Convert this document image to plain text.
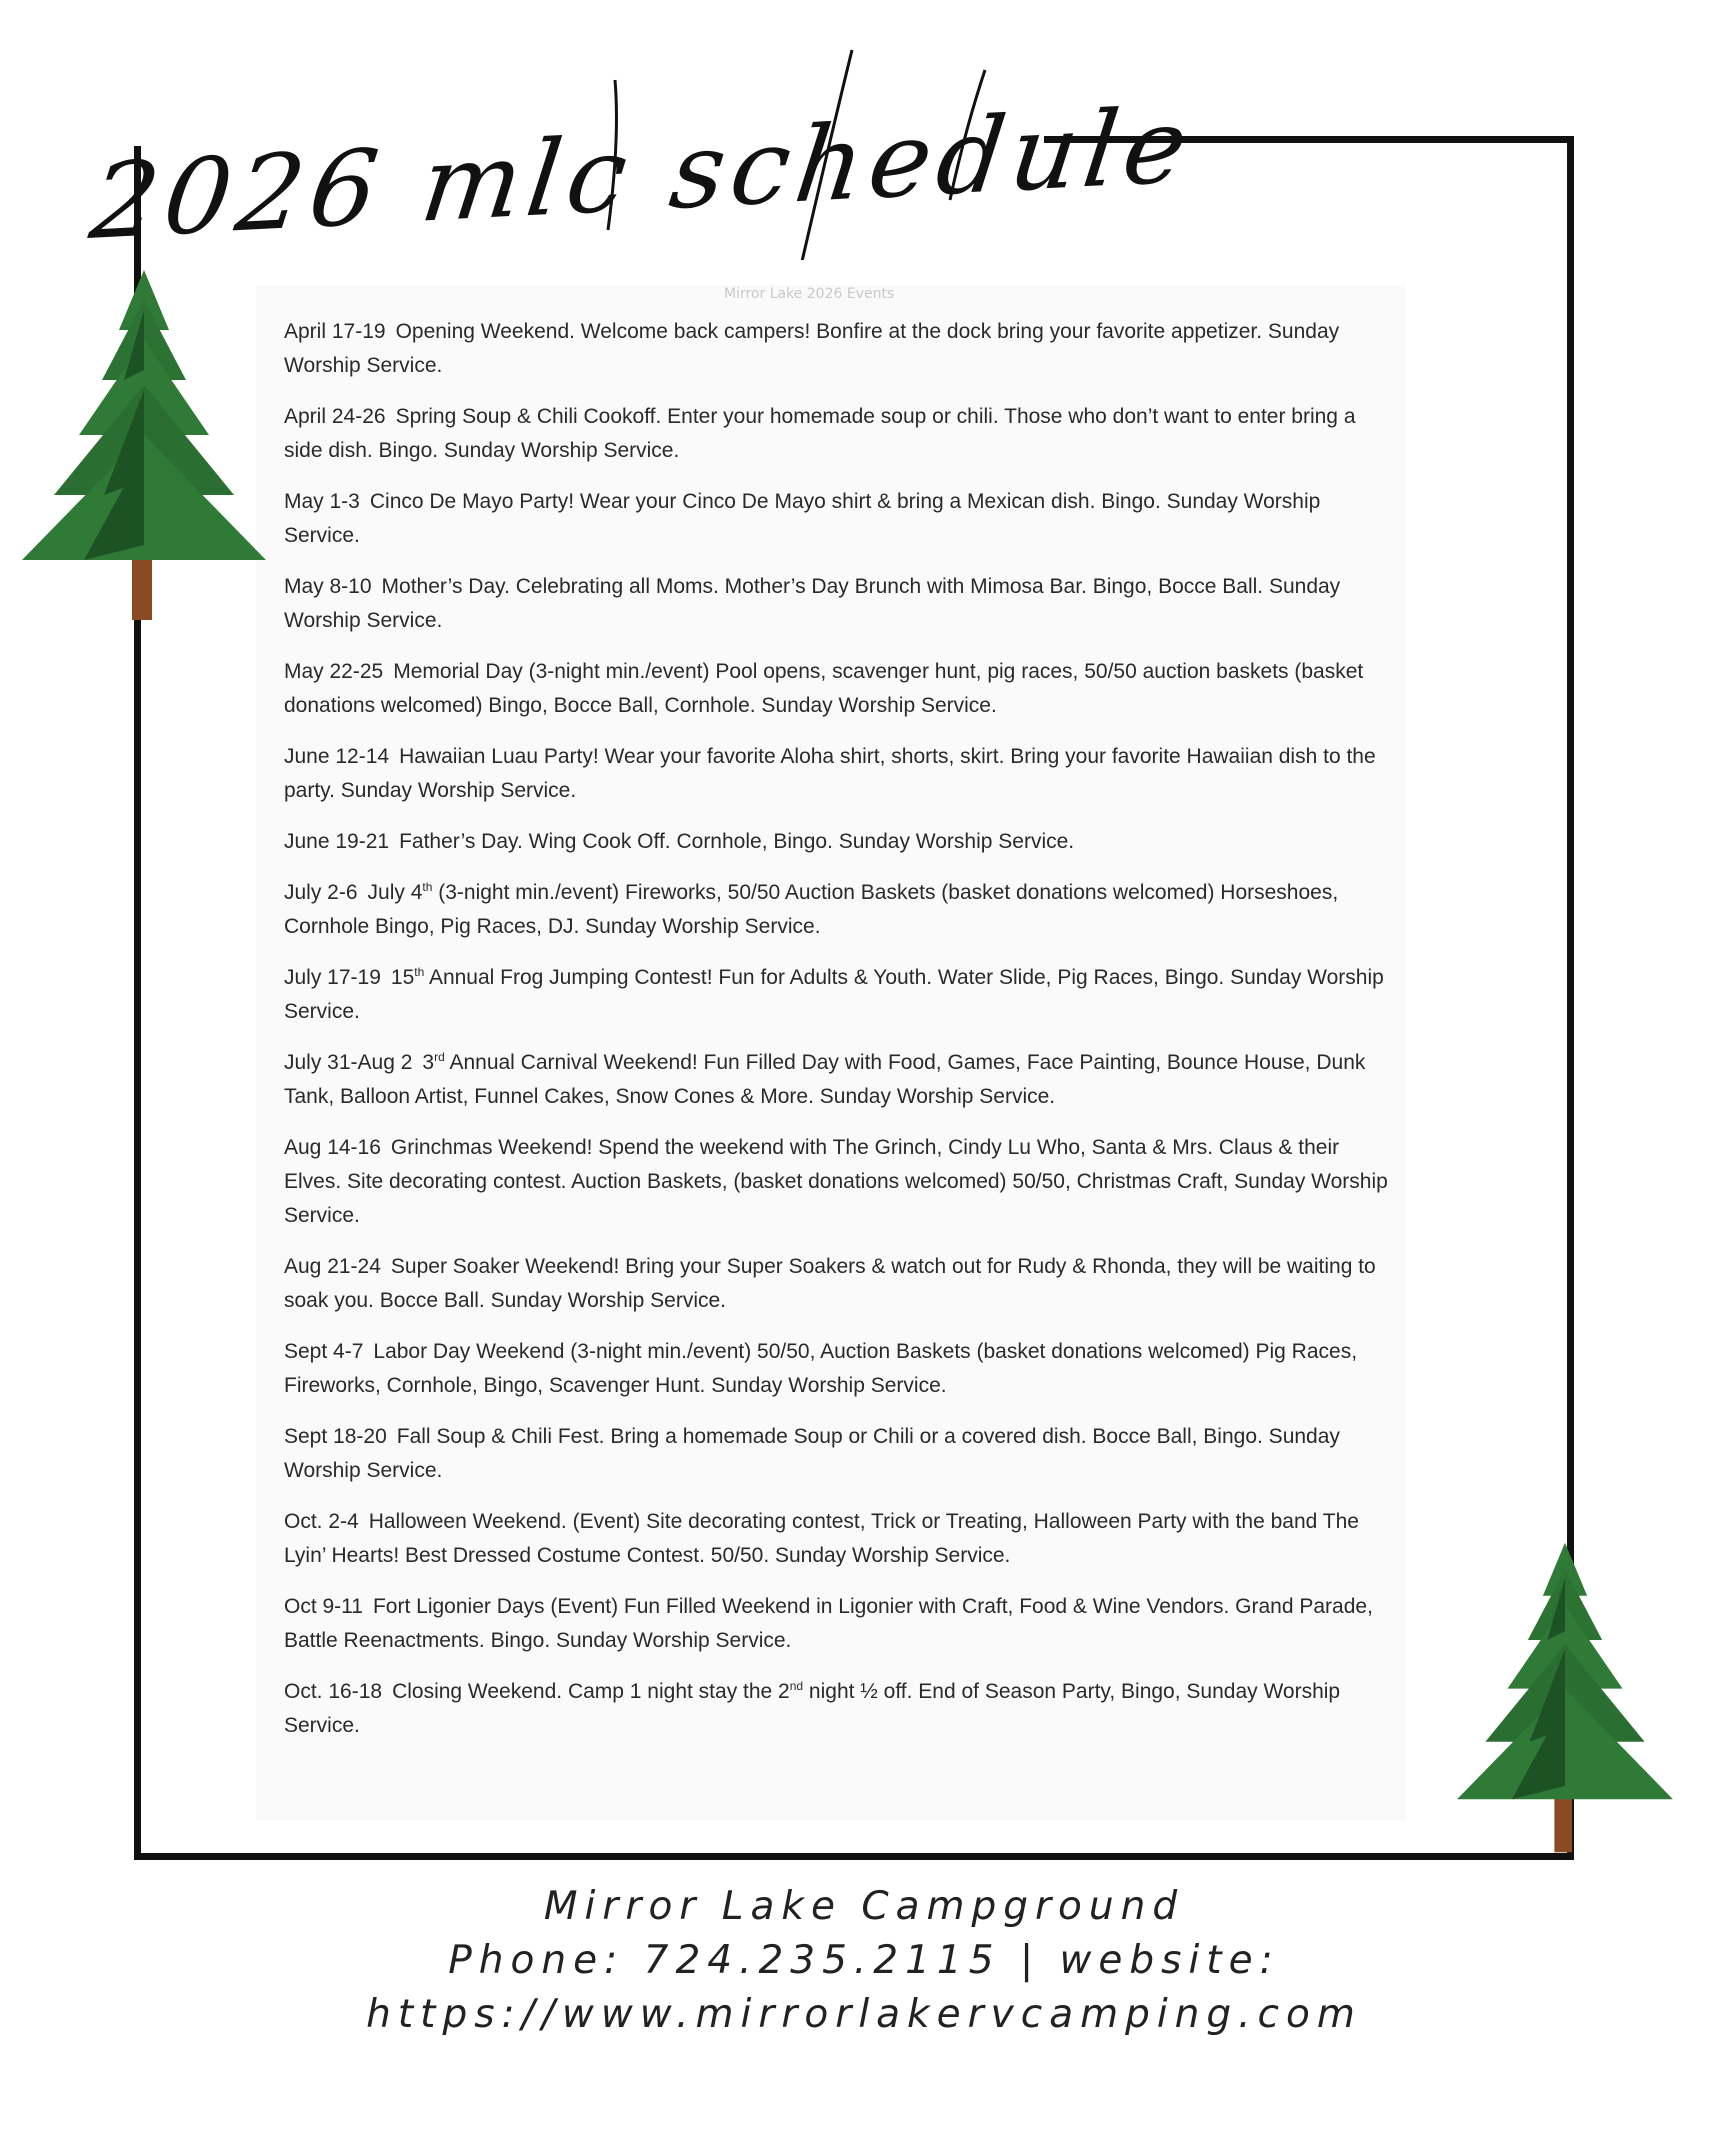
2026 mlc schedule
Mirror Lake 2026 Events
April 17-19 Opening Weekend. Welcome back campers! Bonfire at the dock bring your favorite appetizer. Sunday Worship Service.
April 24-26 Spring Soup & Chili Cookoff. Enter your homemade soup or chili. Those who don’t want to enter bring a side dish. Bingo. Sunday Worship Service.
May 1-3 Cinco De Mayo Party! Wear your Cinco De Mayo shirt & bring a Mexican dish. Bingo. Sunday Worship Service.
May 8-10 Mother’s Day. Celebrating all Moms. Mother’s Day Brunch with Mimosa Bar. Bingo, Bocce Ball. Sunday Worship Service.
May 22-25 Memorial Day (3-night min./event) Pool opens, scavenger hunt, pig races, 50/50 auction baskets (basket donations welcomed) Bingo, Bocce Ball, Cornhole. Sunday Worship Service.
June 12-14 Hawaiian Luau Party! Wear your favorite Aloha shirt, shorts, skirt. Bring your favorite Hawaiian dish to the party. Sunday Worship Service.
June 19-21 Father’s Day. Wing Cook Off. Cornhole, Bingo. Sunday Worship Service.
July 2-6 July 4th (3-night min./event) Fireworks, 50/50 Auction Baskets (basket donations welcomed) Horseshoes, Cornhole Bingo, Pig Races, DJ. Sunday Worship Service.
July 17-19 15th Annual Frog Jumping Contest! Fun for Adults & Youth. Water Slide, Pig Races, Bingo. Sunday Worship Service.
July 31-Aug 2 3rd Annual Carnival Weekend! Fun Filled Day with Food, Games, Face Painting, Bounce House, Dunk Tank, Balloon Artist, Funnel Cakes, Snow Cones & More. Sunday Worship Service.
Aug 14-16 Grinchmas Weekend! Spend the weekend with The Grinch, Cindy Lu Who, Santa & Mrs. Claus & their Elves. Site decorating contest. Auction Baskets, (basket donations welcomed) 50/50, Christmas Craft, Sunday Worship Service.
Aug 21-24 Super Soaker Weekend! Bring your Super Soakers & watch out for Rudy & Rhonda, they will be waiting to soak you. Bocce Ball. Sunday Worship Service.
Sept 4-7 Labor Day Weekend (3-night min./event) 50/50, Auction Baskets (basket donations welcomed) Pig Races, Fireworks, Cornhole, Bingo, Scavenger Hunt. Sunday Worship Service.
Sept 18-20 Fall Soup & Chili Fest. Bring a homemade Soup or Chili or a covered dish. Bocce Ball, Bingo. Sunday Worship Service.
Oct. 2-4 Halloween Weekend. (Event) Site decorating contest, Trick or Treating, Halloween Party with the band The Lyin’ Hearts! Best Dressed Costume Contest. 50/50. Sunday Worship Service.
Oct 9-11 Fort Ligonier Days (Event) Fun Filled Weekend in Ligonier with Craft, Food & Wine Vendors. Grand Parade, Battle Reenactments. Bingo. Sunday Worship Service.
Oct. 16-18 Closing Weekend. Camp 1 night stay the 2nd night ½ off. End of Season Party, Bingo, Sunday Worship Service.
Mirror Lake Campground
Phone: 724.235.2115 | website:
https://www.mirrorlakervcamping.com
